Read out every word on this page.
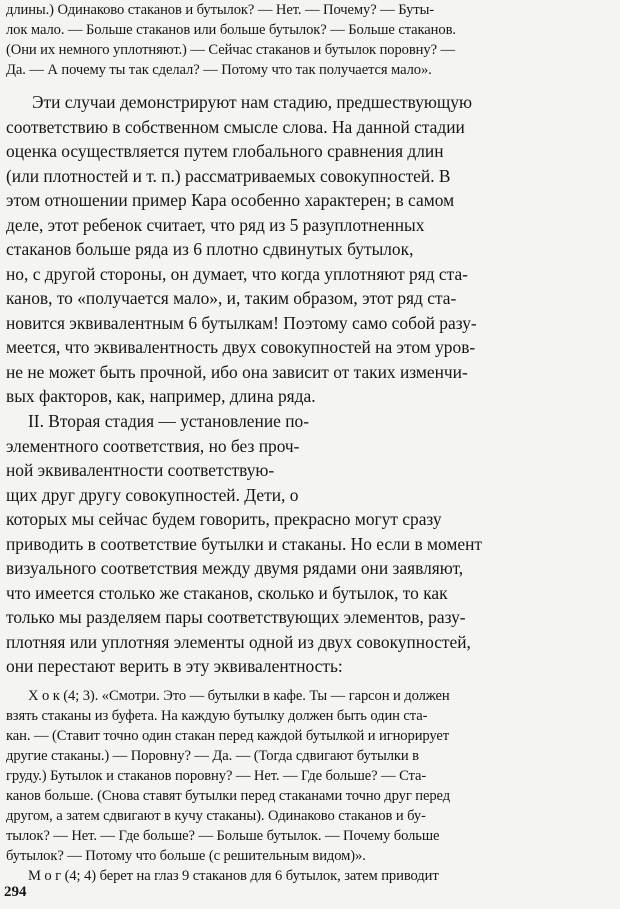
длины.) Одинаково стаканов и бутылок? — Нет. — Почему? — Буты-
лок мало. — Больше стаканов или больше бутылок? — Больше стаканов.
(Они их немного уплотняют.) — Сейчас стаканов и бутылок поровну? —
Да. — А почему ты так сделал? — Потому что так получается мало».
Эти случаи демонстрируют нам стадию, предшествующую
соответствию в собственном смысле слова. На данной стадии
оценка осуществляется путем глобального сравнения длин
(или плотностей и т. п.) рассматриваемых совокупностей. В
этом отношении пример Кара особенно характерен; в самом
деле, этот ребенок считает, что ряд из 5 разуплотненных
стаканов больше ряда из 6 плотно сдвинутых бутылок,
но, с другой стороны, он думает, что когда уплотняют ряд ста-
канов, то «получается мало», и, таким образом, этот ряд ста-
новится эквивалентным 6 бутылкам! Поэтому само собой разу-
меется, что эквивалентность двух совокупностей на этом уров-
не не может быть прочной, ибо она зависит от таких изменчи-
вых факторов, как, например, длина ряда.
II. Вторая стадия — установление по-
элементного соответствия, но без проч-
ной эквивалентности соответствую-
щих друг другу совокупностей. Дети, о
которых мы сейчас будем говорить, прекрасно могут сразу
приводить в соответствие бутылки и стаканы. Но если в момент
визуального соответствия между двумя рядами они заявляют,
что имеется столько же стаканов, сколько и бутылок, то как
только мы разделяем пары соответствующих элементов, разу-
плотняя или уплотняя элементы одной из двух совокупностей,
они перестают верить в эту эквивалентность:
Х о к (4; 3). «Смотри. Это — бутылки в кафе. Ты — гарсон и должен
взять стаканы из буфета. На каждую бутылку должен быть один ста-
кан. — (Ставит точно один стакан перед каждой бутылкой и игнорирует
другие стаканы.) — Поровну? — Да. — (Тогда сдвигают бутылки в
груду.) Бутылок и стаканов поровну? — Нет. — Где больше? — Ста-
канов больше. (Снова ставят бутылки перед стаканами точно друг перед
другом, а затем сдвигают в кучу стаканы). Одинаково стаканов и бу-
тылок? — Нет. — Где больше? — Больше бутылок. — Почему больше
бутылок? — Потому что больше (с решительным видом)».
М о г (4; 4) берет на глаз 9 стаканов для 6 бутылок, затем приводит
294
